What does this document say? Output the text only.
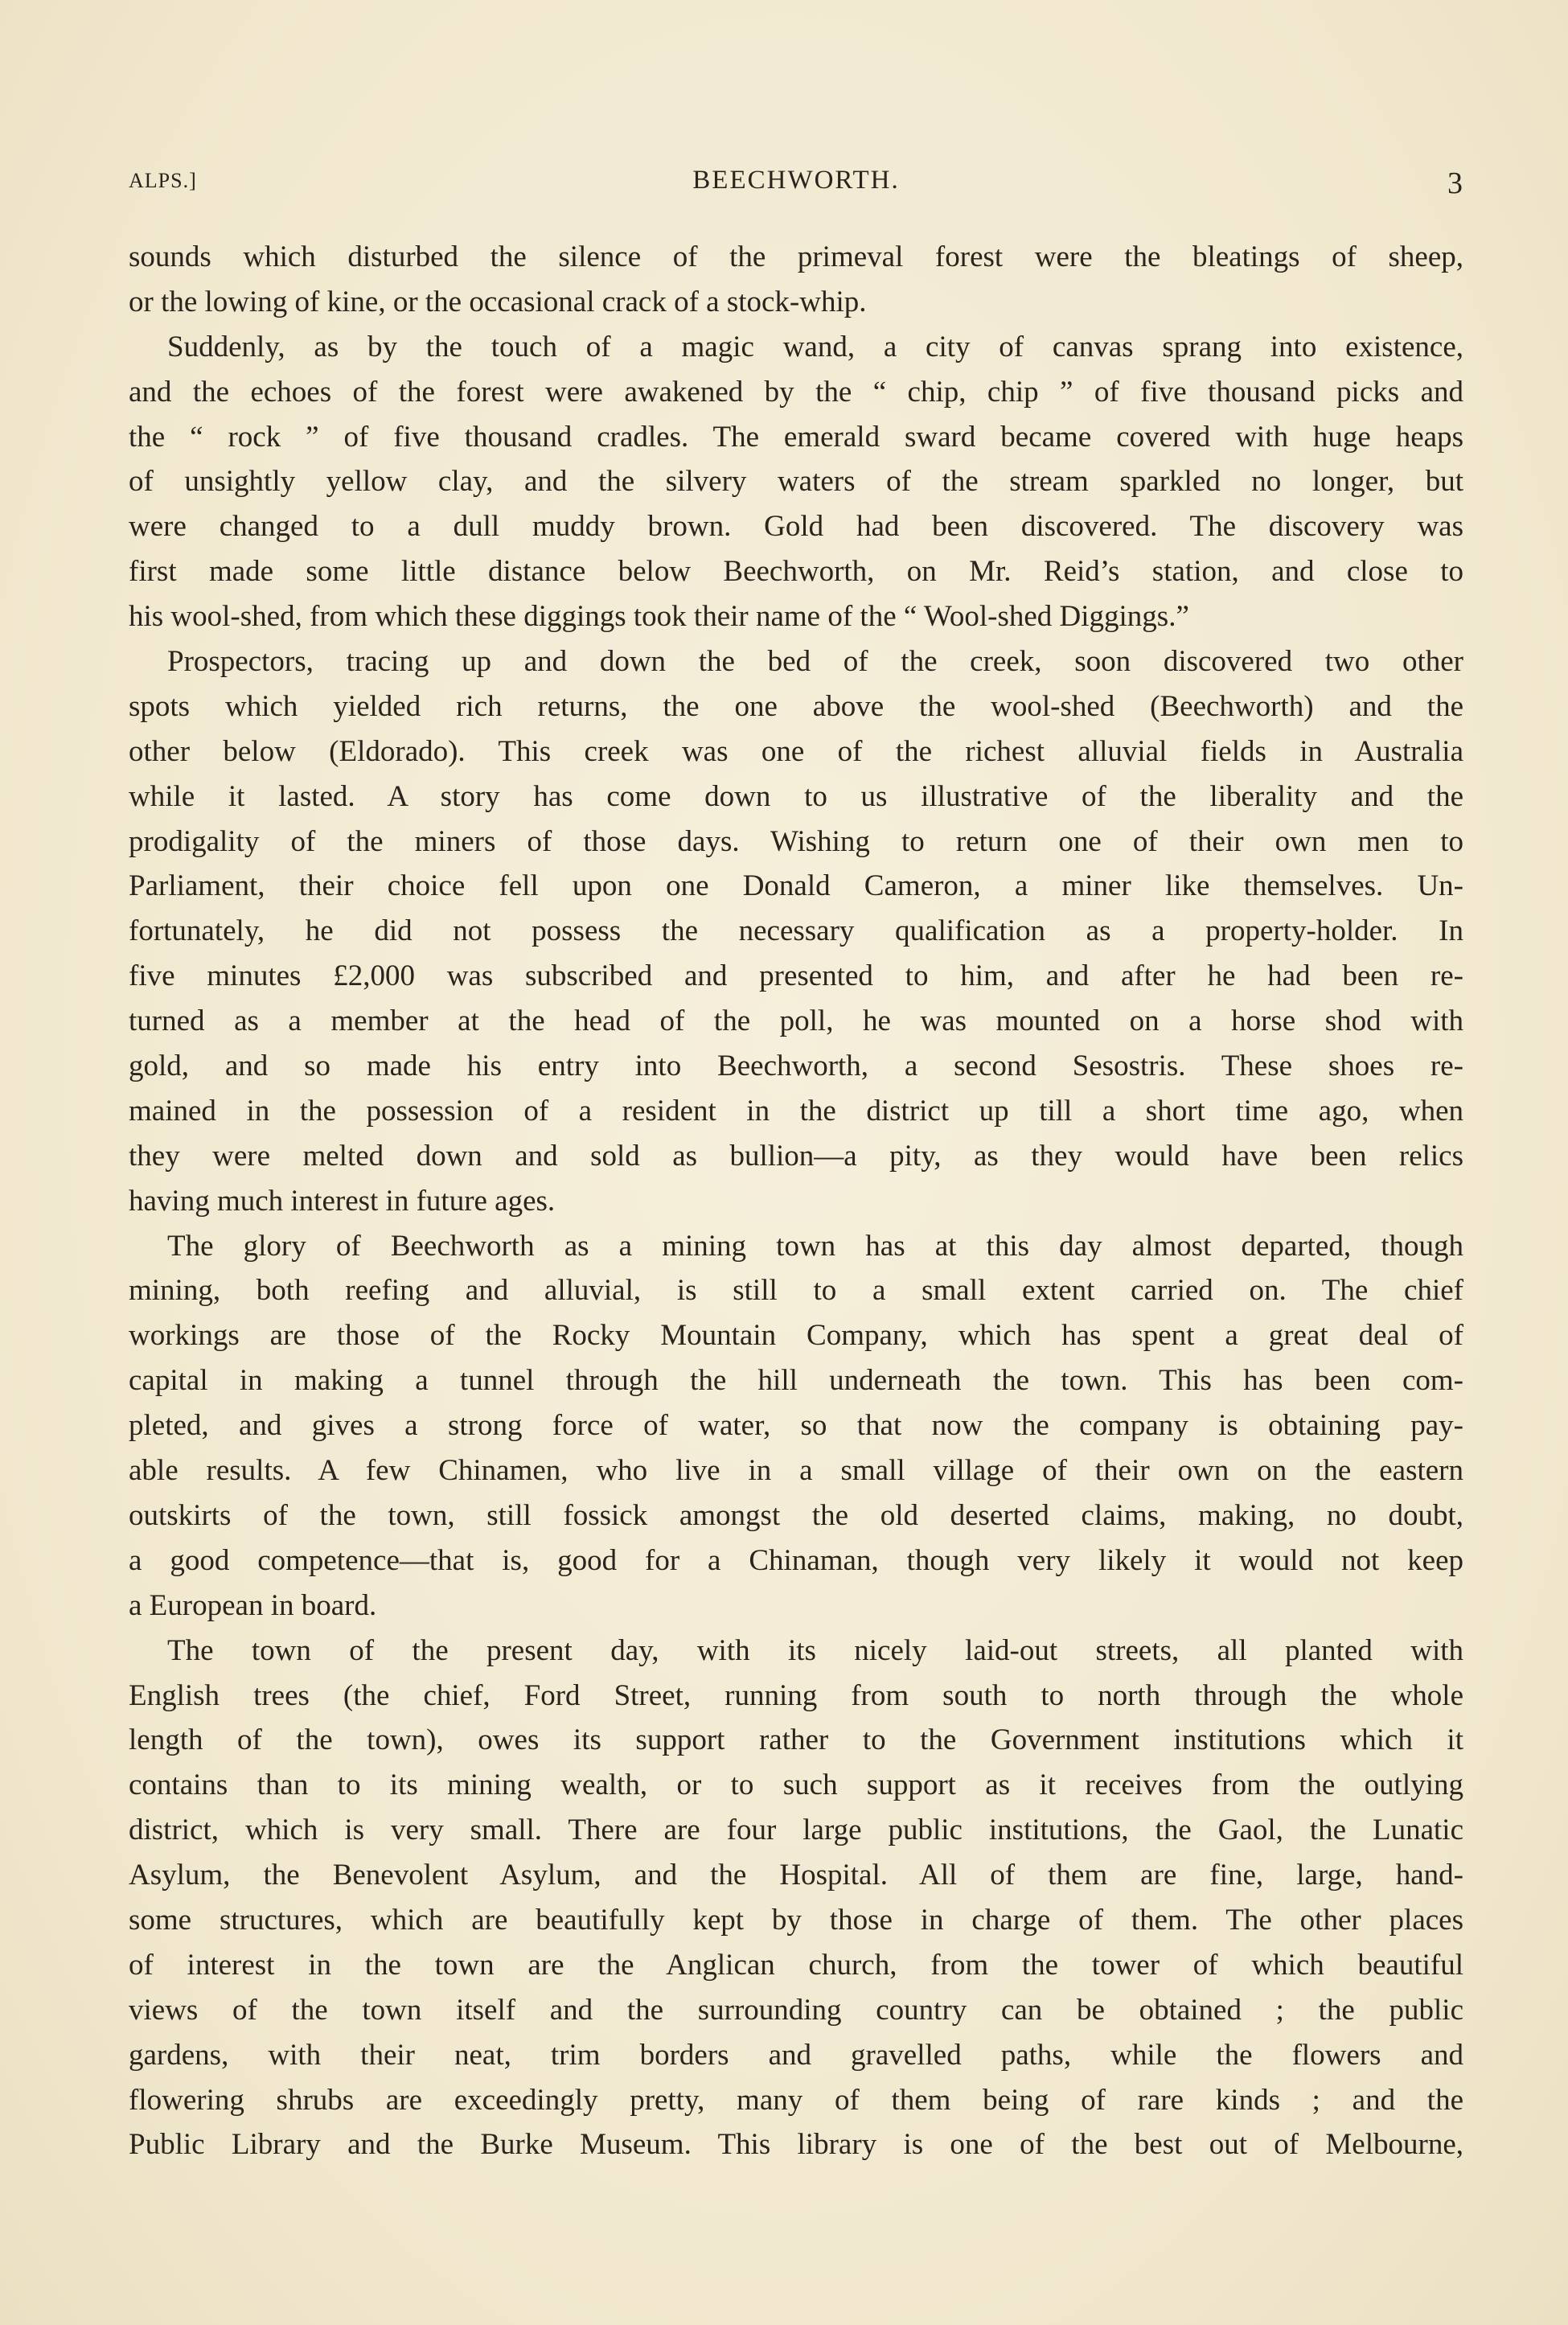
ALPS.]	BEECHWORTH.	3
sounds which disturbed the silence of the primeval forest were the bleatings of sheep,
or the lowing of kine, or the occasional crack of a stock-whip.
Suddenly, as by the touch of a magic wand, a city of canvas sprang into existence,
and the echoes of the forest were awakened by the “ chip, chip ” of five thousand picks and
the “ rock ” of five thousand cradles. The emerald sward became covered with huge heaps
of unsightly yellow clay, and the silvery waters of the stream sparkled no longer, but
were changed to a dull muddy brown. Gold had been discovered. The discovery was
first made some little distance below Beechworth, on Mr. Reid’s station, and close to
his wool-shed, from which these diggings took their name of the “ Wool-shed Diggings.”
Prospectors, tracing up and down the bed of the creek, soon discovered two other
spots which yielded rich returns, the one above the wool-shed (Beechworth) and the
other below (Eldorado). This creek was one of the richest alluvial fields in Australia
while it lasted. A story has come down to us illustrative of the liberality and the
prodigality of the miners of those days. Wishing to return one of their own men to
Parliament, their choice fell upon one Donald Cameron, a miner like themselves. Un-
fortunately, he did not possess the necessary qualification as a property-holder. In
five minutes £2,000 was subscribed and presented to him, and after he had been re-
turned as a member at the head of the poll, he was mounted on a horse shod with
gold, and so made his entry into Beechworth, a second Sesostris. These shoes re-
mained in the possession of a resident in the district up till a short time ago, when
they were melted down and sold as bullion—a pity, as they would have been relics
having much interest in future ages.
The glory of Beechworth as a mining town has at this day almost departed, though
mining, both reefing and alluvial, is still to a small extent carried on. The chief
workings are those of the Rocky Mountain Company, which has spent a great deal of
capital in making a tunnel through the hill underneath the town. This has been com-
pleted, and gives a strong force of water, so that now the company is obtaining pay-
able results. A few Chinamen, who live in a small village of their own on the eastern
outskirts of the town, still fossick amongst the old deserted claims, making, no doubt,
a good competence—that is, good for a Chinaman, though very likely it would not keep
a European in board.
The town of the present day, with its nicely laid-out streets, all planted with
English trees (the chief, Ford Street, running from south to north through the whole
length of the town), owes its support rather to the Government institutions which it
contains than to its mining wealth, or to such support as it receives from the outlying
district, which is very small. There are four large public institutions, the Gaol, the Lunatic
Asylum, the Benevolent Asylum, and the Hospital. All of them are fine, large, hand-
some structures, which are beautifully kept by those in charge of them. The other places
of interest in the town are the Anglican church, from the tower of which beautiful
views of the town itself and the surrounding country can be obtained ; the public
gardens, with their neat, trim borders and gravelled paths, while the flowers and
flowering shrubs are exceedingly pretty, many of them being of rare kinds ; and the
Public Library and the Burke Museum. This library is one of the best out of Melbourne,
